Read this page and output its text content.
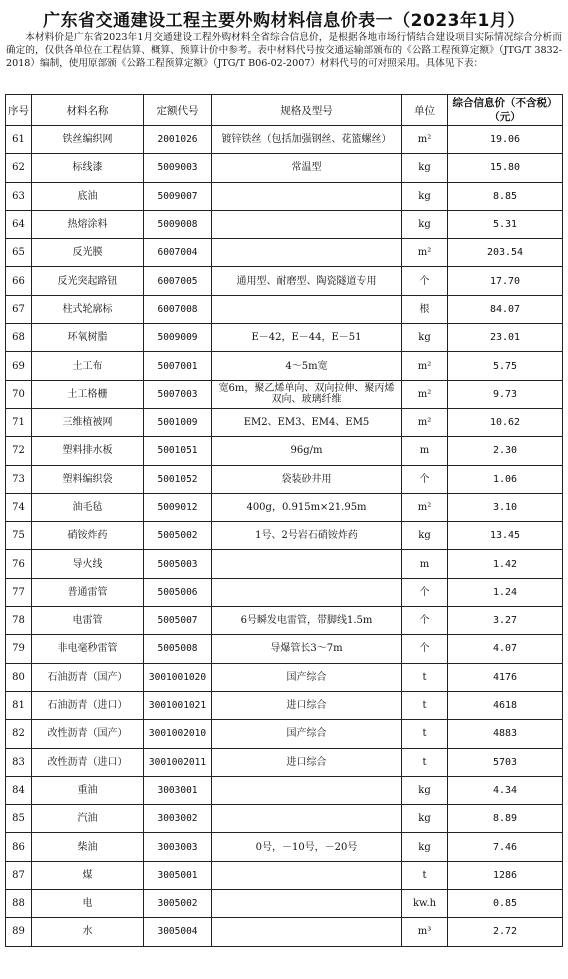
广东省交通建设工程主要外购材料信息价表一（2023年1月）

本材料价是广东省2023年1月交通建设工程外购材料全省综合信息价，是根据各地市场行情结合建设项目实际情况综合分析而确定的，仅供各单位在工程估算、概算、预算计价中参考。表中材料代号按交通运输部颁布的《公路工程预算定额》（JTG/T 3832-2018）编制，使用原部颁《公路工程预算定额》（JTG/T B06-02-2007）材料代号的可对照采用。具体见下表：

序号	材料名称	定额代号	规格及型号	单位	综合信息价（不含税）（元）
61	铁丝编织网	2001026	镀锌铁丝（包括加强钢丝、花篮螺丝）	m²	19.06
62	标线漆	5009003	常温型	kg	15.80
63	底油	5009007		kg	8.85
64	热熔涂料	5009008		kg	5.31
65	反光膜	6007004		m²	203.54
66	反光突起路钮	6007005	通用型、耐磨型、陶瓷隧道专用	个	17.70
67	柱式轮廓标	6007008		根	84.07
68	环氧树脂	5009009	E－42，E－44，E－51	kg	23.01
69	土工布	5007001	4～5m宽	m²	5.75
70	土工格栅	5007003	宽6m，聚乙烯单向、双向拉伸、聚丙烯双向、玻璃纤维	m²	9.73
71	三维植被网	5001009	EM2、EM3、EM4、EM5	m²	10.62
72	塑料排水板	5001051	96g/m	m	2.30
73	塑料编织袋	5001052	袋装砂井用	个	1.06
74	油毛毡	5009012	400g，0.915m×21.95m	m²	3.10
75	硝铵炸药	5005002	1号、2号岩石硝铵炸药	kg	13.45
76	导火线	5005003		m	1.42
77	普通雷管	5005006		个	1.24
78	电雷管	5005007	6号瞬发电雷管，带脚线1.5m	个	3.27
79	非电毫秒雷管	5005008	导爆管长3～7m	个	4.07
80	石油沥青（国产）	3001001020	国产综合	t	4176
81	石油沥青（进口）	3001001021	进口综合	t	4618
82	改性沥青（国产）	3001002010	国产综合	t	4883
83	改性沥青（进口）	3001002011	进口综合	t	5703
84	重油	3003001		kg	4.34
85	汽油	3003002		kg	8.89
86	柴油	3003003	0号，－10号，－20号	kg	7.46
87	煤	3005001		t	1286
88	电	3005002		kw.h	0.85
89	水	3005004		m³	2.72
